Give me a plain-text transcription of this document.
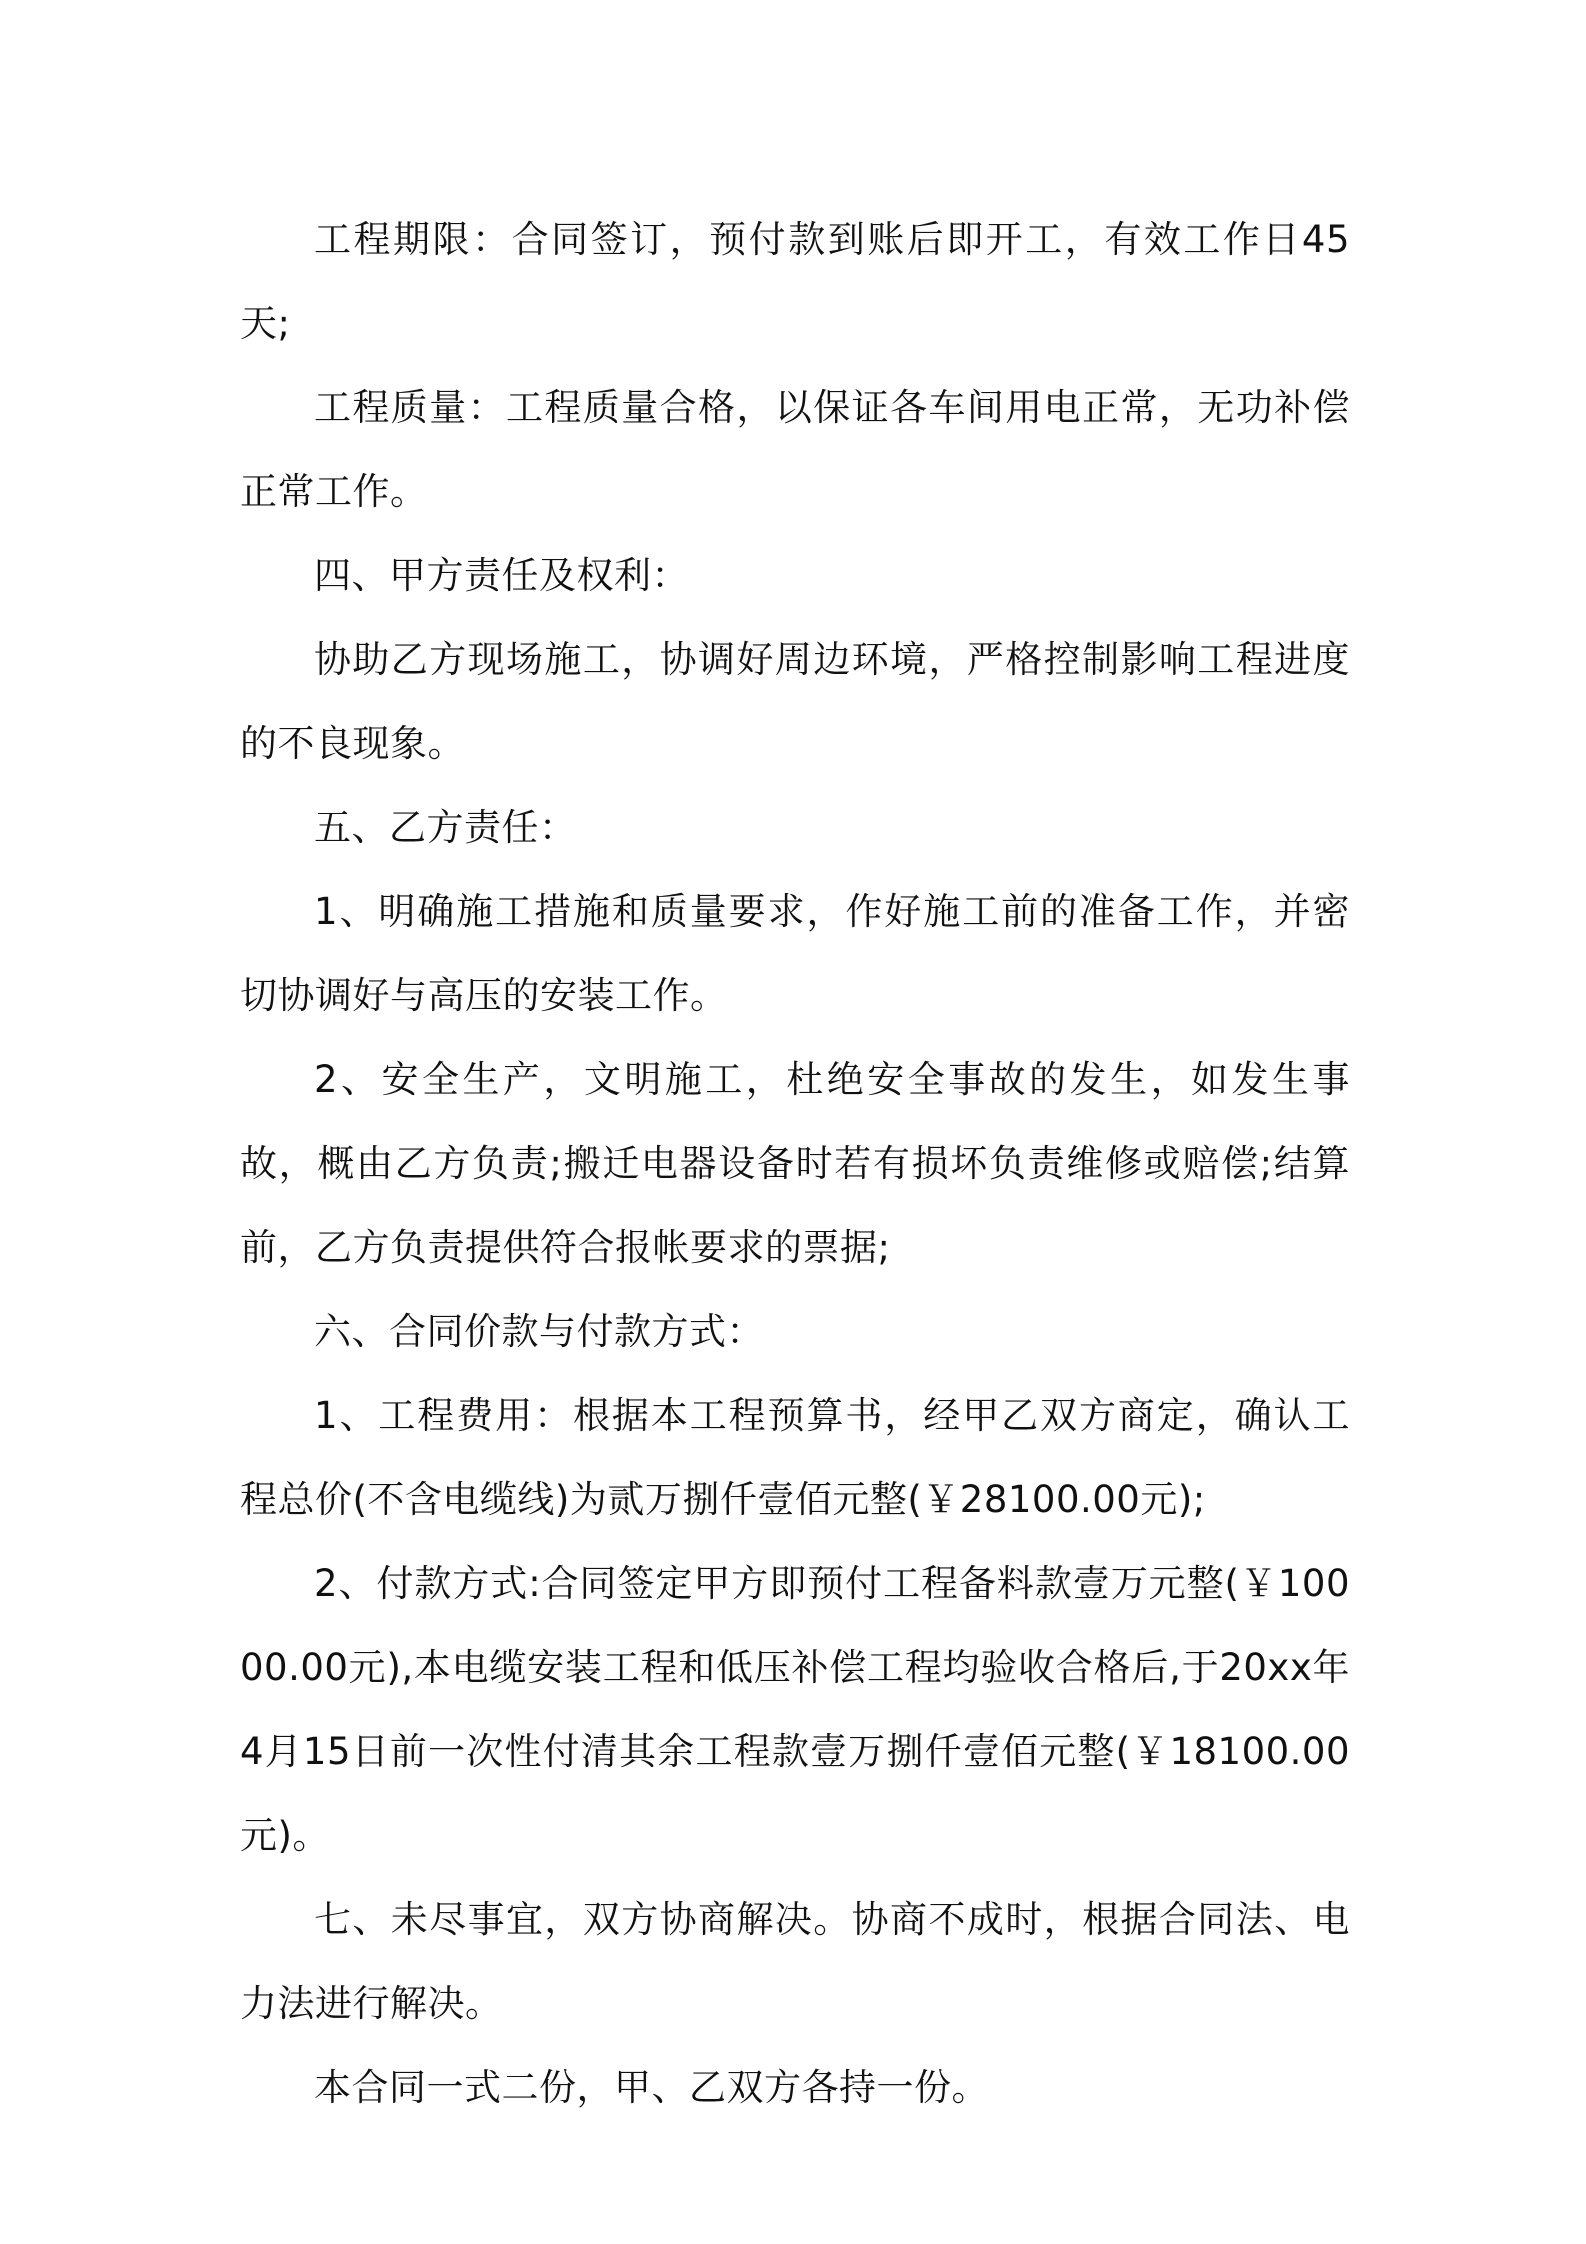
工程期限：合同签订，预付款到账后即开工，有效工作日45天;

工程质量：工程质量合格，以保证各车间用电正常，无功补偿正常工作。

四、甲方责任及权利：

协助乙方现场施工，协调好周边环境，严格控制影响工程进度的不良现象。

五、乙方责任：

1、明确施工措施和质量要求，作好施工前的准备工作，并密切协调好与高压的安装工作。

2、安全生产，文明施工，杜绝安全事故的发生，如发生事故，概由乙方负责;搬迁电器设备时若有损坏负责维修或赔偿;结算前，乙方负责提供符合报帐要求的票据;

六、合同价款与付款方式：

1、工程费用：根据本工程预算书，经甲乙双方商定，确认工程总价(不含电缆线)为贰万捌仟壹佰元整(￥28100.00元);

2、付款方式:合同签定甲方即预付工程备料款壹万元整(￥10000.00元),本电缆安装工程和低压补偿工程均验收合格后,于20xx年4月15日前一次性付清其余工程款壹万捌仟壹佰元整(￥18100.00元)。

七、未尽事宜，双方协商解决。协商不成时，根据合同法、电力法进行解决。

本合同一式二份，甲、乙双方各持一份。
